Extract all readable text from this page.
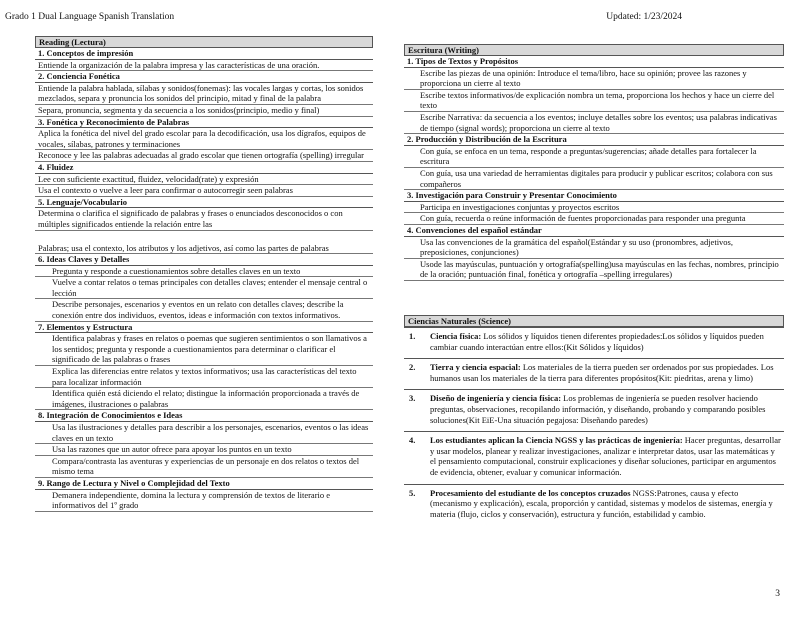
Grado 1 Dual Language Spanish Translation	Updated: 1/23/2024
Reading (Lectura)
1. Conceptos de impresión
Entiende la organización de la palabra impresa y las características de una oración.
2. Conciencia Fonética
Entiende la palabra hablada, sílabas y sonidos(fonemas): las vocales largas y cortas, los sonidos mezclados, separa y pronuncia los sonidos del principio, mitad y final de la palabra
Separa, pronuncia, segmenta y da secuencia a los sonidos(principio, medio y final)
3. Fonética y Reconocimiento de Palabras
Aplica la fonética del nivel del grado escolar para la decodificación, usa los dígrafos, equipos de vocales, sílabas, patrones y terminaciones
Reconoce y lee las palabras adecuadas al grado escolar que tienen ortografía (spelling) irregular
4. Fluidez
Lee con suficiente exactitud, fluidez, velocidad(rate) y expresión
Usa el contexto o vuelve a leer para confirmar o autocorregir seen palabras
5. Lenguaje/Vocabulario
Determina o clarifica el significado de palabras y frases o enunciados desconocidos o con múltiples significados entiende la relación entre las
Palabras; usa el contexto, los atributos y los adjetivos, así como las partes de palabras
6. Ideas Claves y Detalles
Pregunta y responde a cuestionamientos sobre detalles claves en un texto
Vuelve a contar relatos o temas principales con detalles claves; entender el mensaje central o lección
Describe personajes, escenarios y eventos en un relato con detalles claves; describe la conexión entre dos individuos, eventos, ideas e información con textos informativos.
7. Elementos y Estructura
Identifica palabras y frases en relatos o poemas que sugieren sentimientos o son llamativos a los sentidos; pregunta y responde a cuestionamientos para determinar o clarificar el significado de las palabras o frases
Explica las diferencias entre relatos y textos informativos; usa las características del texto para localizar información
Identifica quién está diciendo el relato; distingue la información proporcionada a través de imágenes, ilustraciones o palabras
8. Integración de Conocimientos e Ideas
Usa las ilustraciones y detalles para describir a los personajes, escenarios, eventos o las ideas claves en un texto
Usa las razones que un autor ofrece para apoyar los puntos en un texto
Compara/contrasta las aventuras y experiencias de un personaje en dos relatos o textos del mismo tema
9. Rango de Lectura y Nivel o Complejidad del Texto
Demanera independiente, domina la lectura y comprensión de textos de literario e informativos del 1º grado
Escritura (Writing)
1. Tipos de Textos y Propósitos
Escribe las piezas de una opinión: Introduce el tema/libro, hace su opinión; provee las razones y proporciona un cierre al texto
Escribe textos informativos/de explicación nombra un tema, proporciona los hechos y hace un cierre del texto
Escribe Narrativa: da secuencia a los eventos; incluye detalles sobre los eventos; usa palabras indicativas de tiempo (signal words); proporciona un cierre al texto
2. Producción y Distribución de la Escritura
Con guía, se enfoca en un tema, responde a preguntas/sugerencias; añade detalles para fortalecer la escritura
Con guía, usa una variedad de herramientas digitales para producir y publicar escritos; colabora con sus compañeros
3. Investigación para Construir y Presentar Conocimiento
Participa en investigaciones conjuntas y proyectos escritos
Con guía, recuerda o reúne información de fuentes proporcionadas para responder una pregunta
4. Convenciones del español estándar
Usa las convenciones de la gramática del español(Estándar y su uso (pronombres, adjetivos, preposiciones, conjunciones)
Usode las mayúsculas, puntuación y ortografía(spelling)usa mayúsculas en las fechas, nombres, principio de la oración; puntuación final, fonética y ortografía –spelling irregulares)
Ciencias Naturales (Science)
1.	Ciencia física: Los sólidos y líquidos tienen diferentes propiedades:Los sólidos y líquidos pueden cambiar cuando interactúan entre ellos:(Kit Sólidos y líquidos)
2.	Tierra y ciencia espacial: Los materiales de la tierra pueden ser ordenados por sus propiedades. Los humanos usan los materiales de la tierra para diferentes propósitos(Kit: piedritas, arena y limo)
3.	Diseño de ingeniería y ciencia física: Los problemas de ingeniería se pueden resolver haciendo preguntas, observaciones, recopilando información, y diseñando, probando y comparando posibles soluciones(Kit EiE-Una situación pegajosa: Diseñando paredes)
4.	Los estudiantes aplican la Ciencia NGSS y las prácticas de ingeniería: Hacer preguntas, desarrollar y usar modelos, planear y realizar investigaciones, analizar e interpretar datos, usar las matemáticas y el pensamiento computacional, construir explicaciones y diseñar soluciones, participar en argumentos de evidencia, obtener, evaluar y comunicar información.
5.	Procesamiento del estudiante de los conceptos cruzados NGSS:Patrones, causa y efecto (mecanismo y explicación), escala, proporción y cantidad, sistemas y modelos de sistemas, energía y materia (flujo, ciclos y conservación), estructura y función, estabilidad y cambio.
3
